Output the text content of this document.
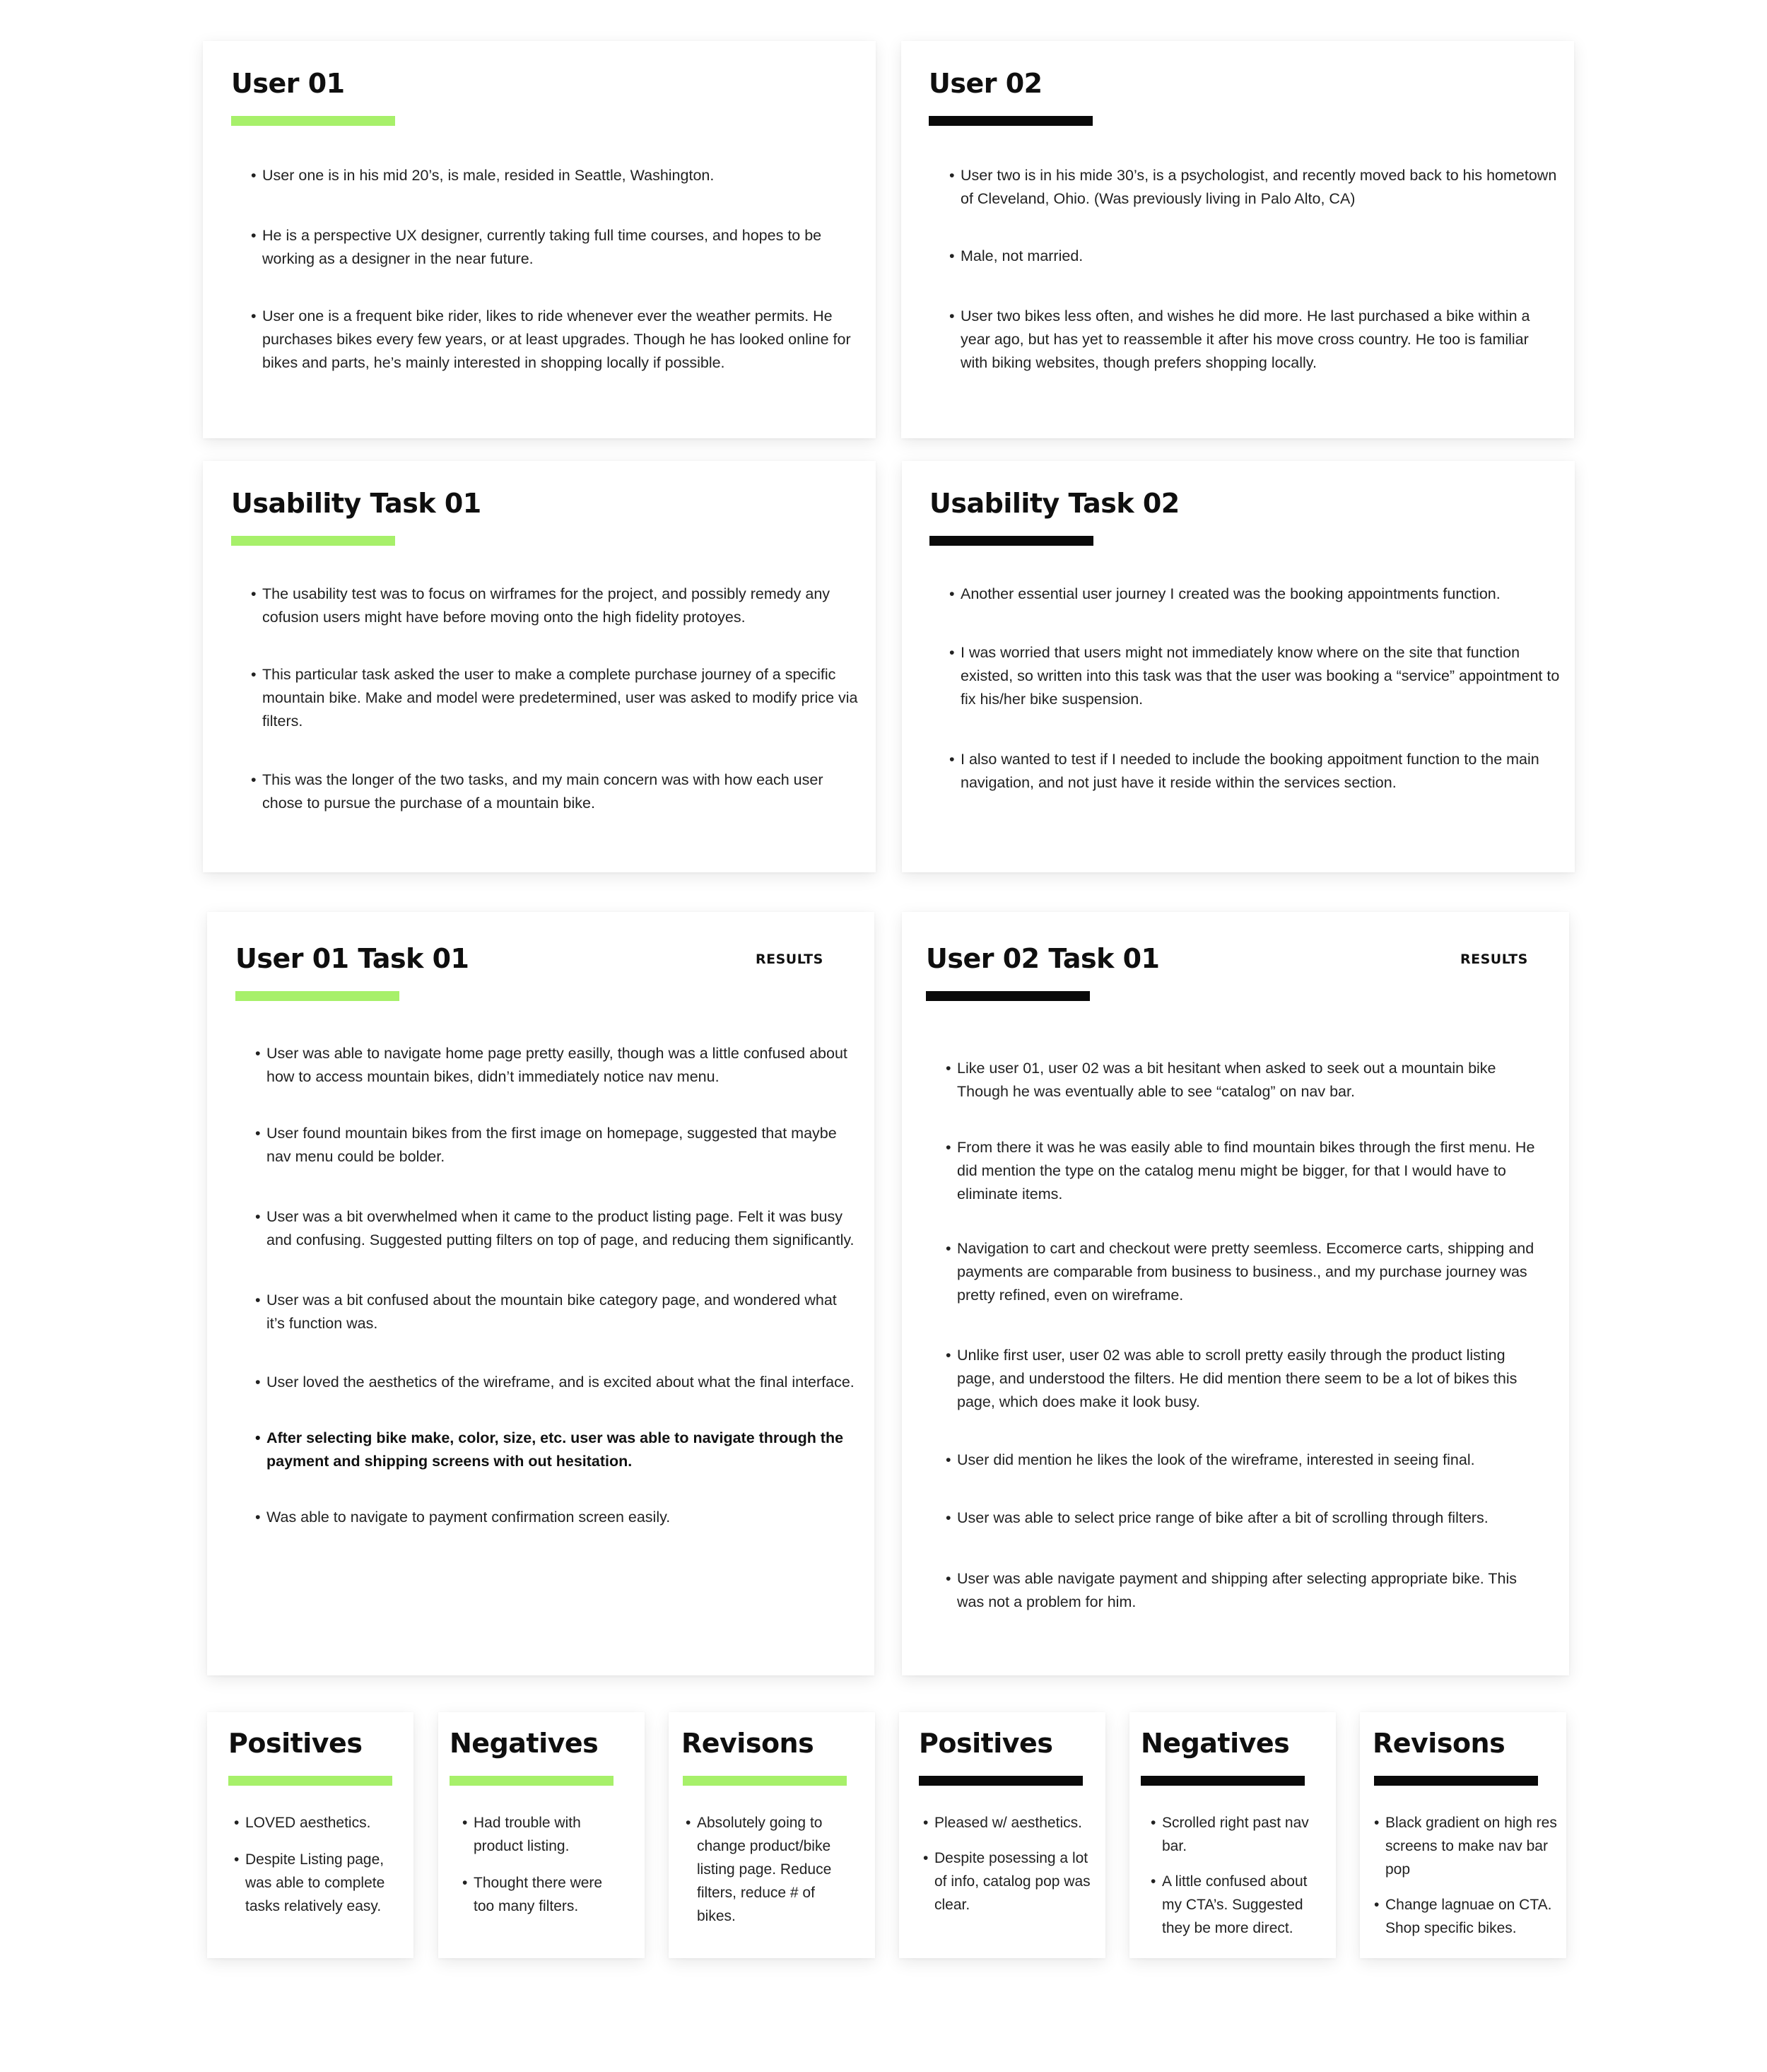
User 01
• User one is in his mid 20’s, is male, resided in Seattle, Washington.
• He is a perspective UX designer, currently taking full time courses, and hopes to be working as a designer in the near future.
• User one is a frequent bike rider, likes to ride whenever ever the weather permits. He purchases bikes every few years, or at least upgrades. Though he has looked online for bikes and parts, he’s mainly interested in shopping locally if possible.
User 02
• User two is in his mide 30’s, is a psychologist, and recently moved back to his hometown of Cleveland, Ohio. (Was previously living in Palo Alto, CA)
• Male, not married.
• User two bikes less often, and wishes he did more. He last purchased a bike within a year ago, but has yet to reassemble it after his move cross country. He too is familiar with biking websites, though prefers shopping locally.
Usability Task 01
• The usability test was to focus on wirframes for the project, and possibly remedy any cofusion users might have before moving onto the high fidelity protoyes.
• This particular task asked the user to make a complete purchase journey of a specific mountain bike. Make and model were predetermined, user was asked to modify price via filters.
• This was the longer of the two tasks, and my main concern was with how each user chose to pursue the purchase of a mountain bike.
Usability Task 02
• Another essential user journey I created was the booking appointments function.
• I was worried that users might not immediately know where on the site that function existed, so written into this task was that the user was booking a “service” appointment to fix his/her bike suspension.
• I also wanted to test if I needed to include the booking appoitment function to the main navigation, and not just have it reside within the services section.
User 01 Task 01	RESULTS
• User was able to navigate home page pretty easilly, though was a little confused about how to access mountain bikes, didn’t immediately notice nav menu.
• User found mountain bikes from the first image on homepage, suggested that maybe nav menu could be bolder.
• User was a bit overwhelmed when it came to the product listing page. Felt it was busy and confusing. Suggested putting filters on top of page, and reducing them significantly.
• User was a bit confused about the mountain bike category page, and wondered what it’s function was.
• User loved the aesthetics of the wireframe, and is excited about what the final interface.
• After selecting bike make, color, size, etc. user was able to navigate through the payment and shipping screens with out hesitation.
• Was able to navigate to payment confirmation screen easily.
User 02 Task 01	RESULTS
• Like user 01, user 02 was a bit hesitant when asked to seek out a mountain bike Though he was eventually able to see “catalog” on nav bar.
• From there it was he was easily able to find mountain bikes through the first menu. He did mention the type on the catalog menu might be bigger, for that I would have to eliminate items.
• Navigation to cart and checkout were pretty seemless. Eccomerce carts, shipping and payments are comparable from business to business., and my purchase journey was pretty refined, even on wireframe.
• Unlike first user, user 02 was able to scroll pretty easily through the product listing page, and understood the filters. He did mention there seem to be a lot of bikes this page, which does make it look busy.
• User did mention he likes the look of the wireframe, interested in seeing final.
• User was able to select price range of bike after a bit of scrolling through filters.
• User was able navigate payment and shipping after selecting appropriate bike. This was not a problem for him.
Positives
• LOVED aesthetics.
• Despite Listing page, was able to complete tasks relatively easy.
Negatives
• Had trouble with product listing.
• Thought there were too many filters.
Revisons
• Absolutely going to change product/bike listing page. Reduce filters, reduce # of bikes.
Positives
• Pleased w/ aesthetics.
• Despite posessing a lot of info, catalog pop was clear.
Negatives
• Scrolled right past nav bar.
• A little confused about my CTA’s. Suggested they be more direct.
Revisons
• Black gradient on high res screens to make nav bar pop
• Change lagnuae on CTA. Shop specific bikes.
